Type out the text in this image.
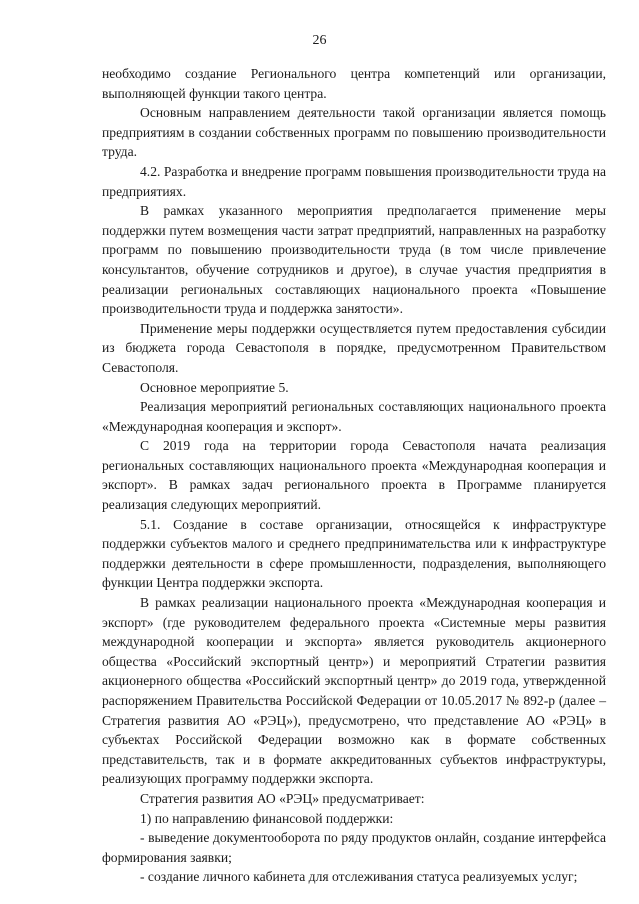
26

необходимо создание Регионального центра компетенций или организации, выполняющей функции такого центра.

Основным направлением деятельности такой организации является помощь предприятиям в создании собственных программ по повышению производительности труда.

4.2. Разработка и внедрение программ повышения производительности труда на предприятиях.

В рамках указанного мероприятия предполагается применение меры поддержки путем возмещения части затрат предприятий, направленных на разработку программ по повышению производительности труда (в том числе привлечение консультантов, обучение сотрудников и другое), в случае участия предприятия в реализации региональных составляющих национального проекта «Повышение производительности труда и поддержка занятости».

Применение меры поддержки осуществляется путем предоставления субсидии из бюджета города Севастополя в порядке, предусмотренном Правительством Севастополя.

Основное мероприятие 5.

Реализация мероприятий региональных составляющих национального проекта «Международная кооперация и экспорт».

С 2019 года на территории города Севастополя начата реализация региональных составляющих национального проекта «Международная кооперация и экспорт». В рамках задач регионального проекта в Программе планируется реализация следующих мероприятий.

5.1. Создание в составе организации, относящейся к инфраструктуре поддержки субъектов малого и среднего предпринимательства или к инфраструктуре поддержки деятельности в сфере промышленности, подразделения, выполняющего функции Центра поддержки экспорта.

В рамках реализации национального проекта «Международная кооперация и экспорт» (где руководителем федерального проекта «Системные меры развития международной кооперации и экспорта» является руководитель акционерного общества «Российский экспортный центр») и мероприятий Стратегии развития акционерного общества «Российский экспортный центр» до 2019 года, утвержденной распоряжением Правительства Российской Федерации от 10.05.2017 № 892-р (далее – Стратегия развития АО «РЭЦ»), предусмотрено, что представление АО «РЭЦ» в субъектах Российской Федерации возможно как в формате собственных представительств, так и в формате аккредитованных субъектов инфраструктуры, реализующих программу поддержки экспорта.

Стратегия развития АО «РЭЦ» предусматривает:

1) по направлению финансовой поддержки:

- выведение документооборота по ряду продуктов онлайн, создание интерфейса формирования заявки;

- создание личного кабинета для отслеживания статуса реализуемых услуг;
